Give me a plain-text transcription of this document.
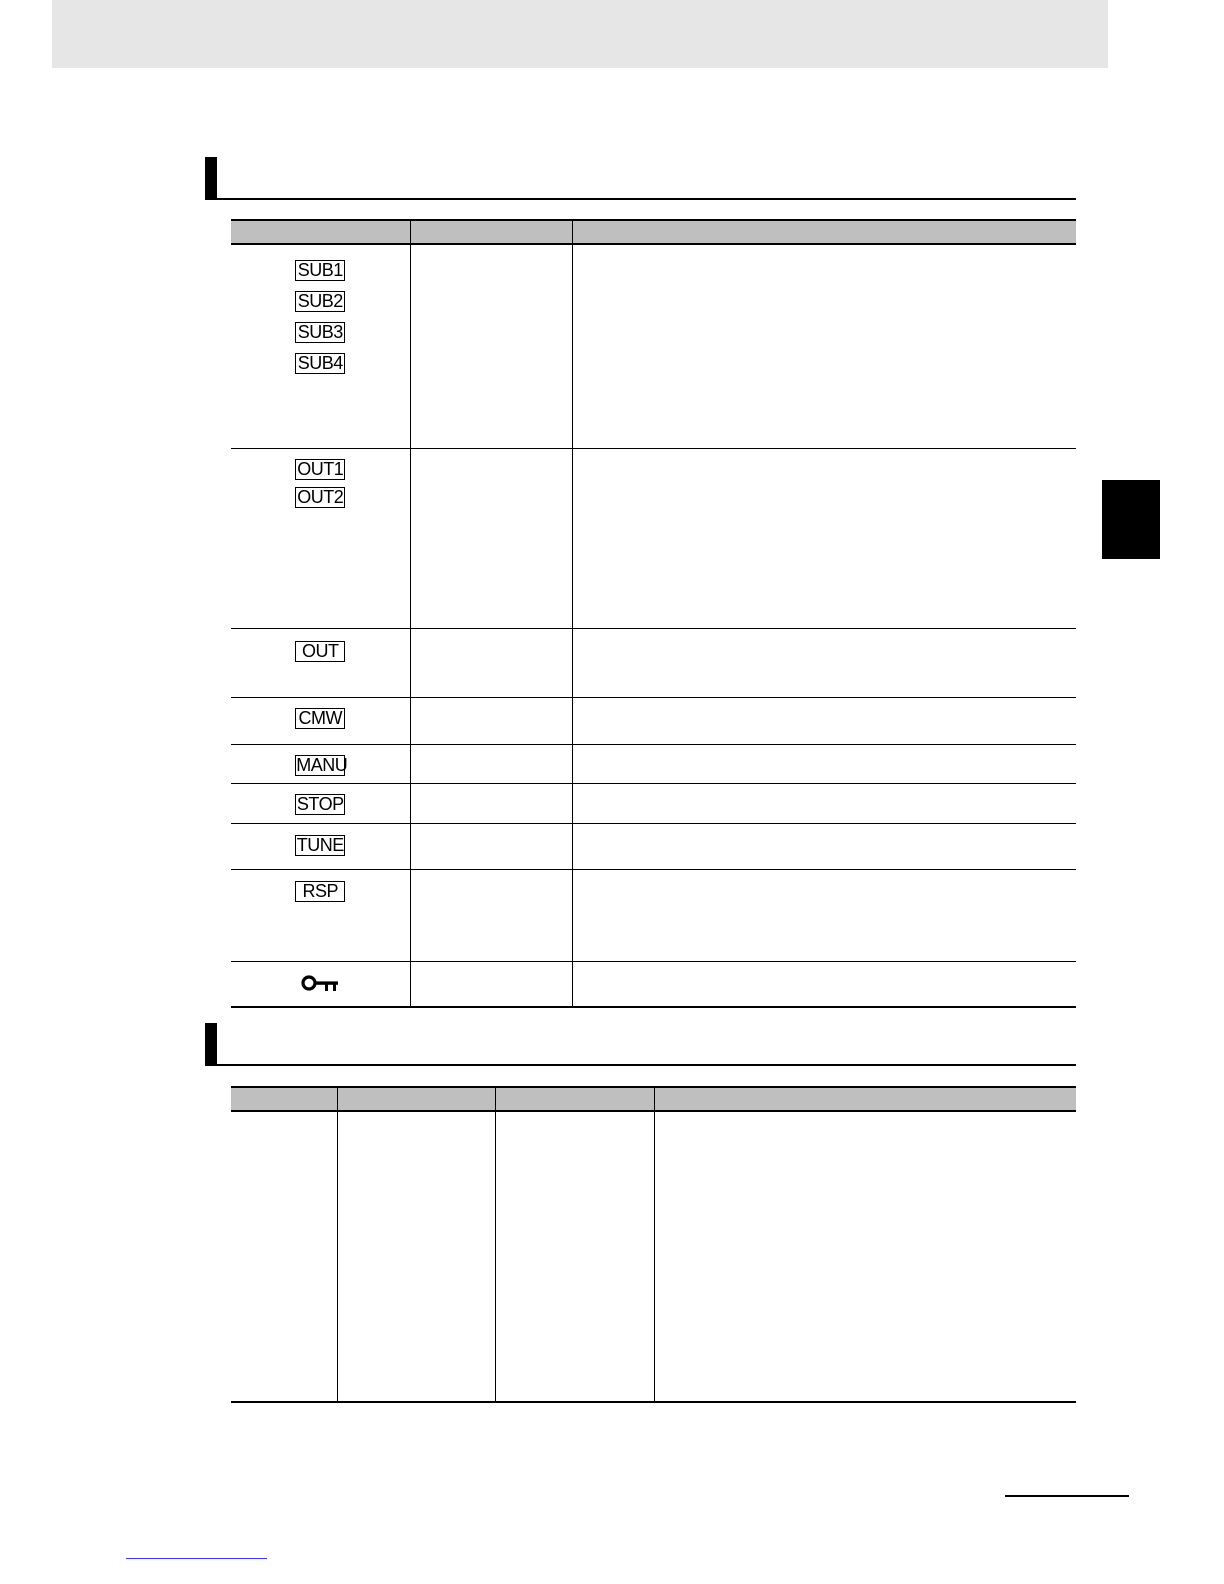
SUB1
SUB2
SUB3
SUB4		

OUT1
OUT2		

OUT		

CMW		

MANU		

STOP		

TUNE		

RSP		
